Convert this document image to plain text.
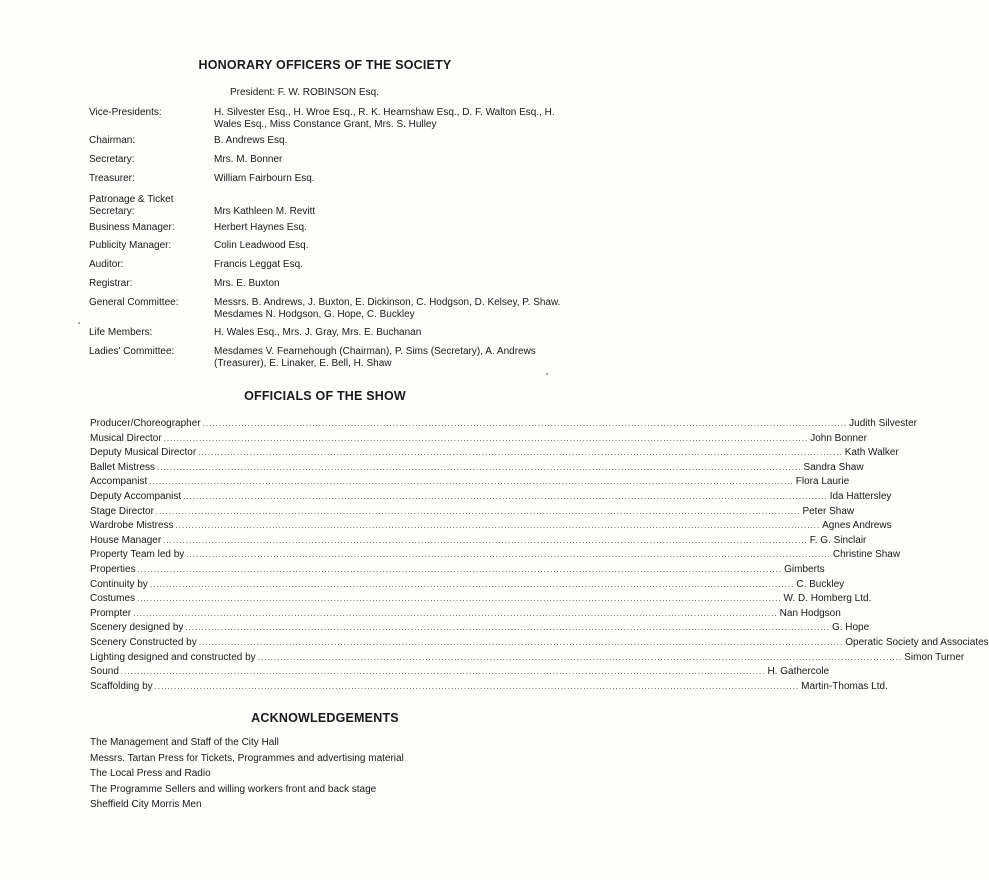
HONORARY OFFICERS OF THE SOCIETY
President: F. W. ROBINSON Esq.
Vice-Presidents:	H. Silvester Esq., H. Wroe Esq., R. K. Hearnshaw Esq., D. F. Walton Esq., H. Wales Esq., Miss Constance Grant, Mrs. S. Hulley
Chairman:	B. Andrews Esq.
Secretary:	Mrs. M. Bonner
Treasurer:	William Fairbourn Esq.
Patronage & Ticket Secretary:	Mrs Kathleen M. Revitt
Business Manager:	Herbert Haynes Esq.
Publicity Manager:	Colin Leadwood Esq.
Auditor:	Francis Leggat Esq.
Registrar:	Mrs. E. Buxton
General Committee:	Messrs. B. Andrews, J. Buxton, E. Dickinson, C. Hodgson, D. Kelsey, P. Shaw. Mesdames N. Hodgson, G. Hope, C. Buckley
Life Members:	H. Wales Esq., Mrs. J. Gray, Mrs. E. Buchanan
Ladies' Committee:	Mesdames V. Fearnehough (Chairman), P. Sims (Secretary), A. Andrews (Treasurer), E. Linaker, E. Bell, H. Shaw
OFFICIALS OF THE SHOW
Producer/Choreographer ........................................................................................................................................................................................................ Judith Silvester
Musical Director ........................................................................................................................................................................................................ John Bonner
Deputy Musical Director ........................................................................................................................................................................................................ Kath Walker
Ballet Mistress ........................................................................................................................................................................................................ Sandra Shaw
Accompanist ........................................................................................................................................................................................................ Flora Laurie
Deputy Accompanist ........................................................................................................................................................................................................ Ida Hattersley
Stage Director ........................................................................................................................................................................................................ Peter Shaw
Wardrobe Mistress ........................................................................................................................................................................................................ Agnes Andrews
House Manager ........................................................................................................................................................................................................ F. G. Sinclair
Property Team led by ........................................................................................................................................................................................................ Christine Shaw
Properties ........................................................................................................................................................................................................ Gimberts
Continuity by ........................................................................................................................................................................................................ C. Buckley
Costumes ........................................................................................................................................................................................................ W. D. Homberg Ltd.
Prompter ........................................................................................................................................................................................................ Nan Hodgson
Scenery designed by ........................................................................................................................................................................................................ G. Hope
Scenery Constructed by ........................................................................................................................................................................................................ Operatic Society and Associates
Lighting designed and constructed by ........................................................................................................................................................................................................ Simon Turner
Sound ........................................................................................................................................................................................................ H. Gathercole
Scaffolding by ........................................................................................................................................................................................................ Martin-Thomas Ltd.
ACKNOWLEDGEMENTS
The Management and Staff of the City Hall
Messrs. Tartan Press for Tickets, Programmes and advertising material
The Local Press and Radio
The Programme Sellers and willing workers front and back stage
Sheffield City Morris Men
